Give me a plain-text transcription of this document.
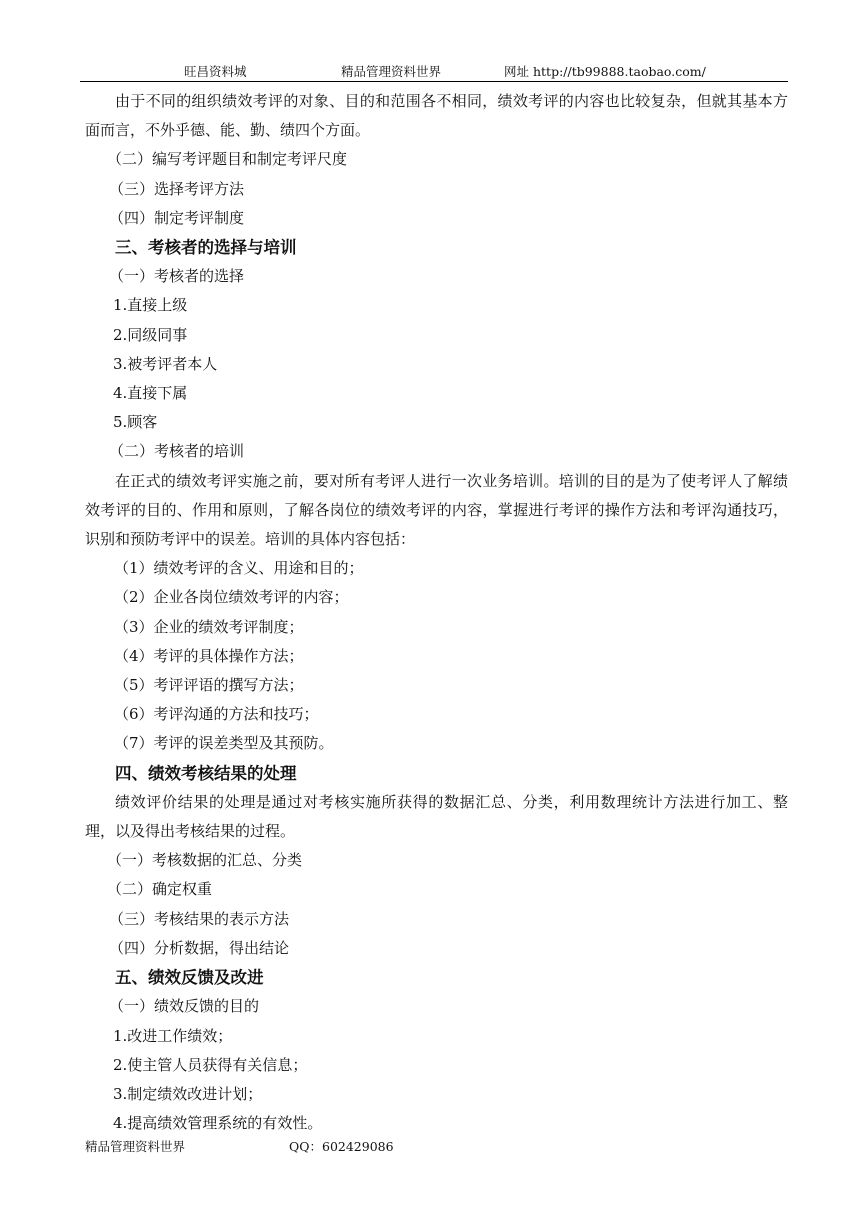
旺昌资料城	精品管理资料世界	网址 http://tb99888.taobao.com/

由于不同的组织绩效考评的对象、目的和范围各不相同，绩效考评的内容也比较复杂，但就其基本方面而言，不外乎德、能、勤、绩四个方面。

（二）编写考评题目和制定考评尺度

（三）选择考评方法

（四）制定考评制度

三、考核者的选择与培训

（一）考核者的选择

1.直接上级

2.同级同事

3.被考评者本人

4.直接下属

5.顾客

（二）考核者的培训

在正式的绩效考评实施之前，要对所有考评人进行一次业务培训。培训的目的是为了使考评人了解绩效考评的目的、作用和原则，了解各岗位的绩效考评的内容，掌握进行考评的操作方法和考评沟通技巧，识别和预防考评中的误差。培训的具体内容包括：

（1）绩效考评的含义、用途和目的；

（2）企业各岗位绩效考评的内容；

（3）企业的绩效考评制度；

（4）考评的具体操作方法；

（5）考评评语的撰写方法；

（6）考评沟通的方法和技巧；

（7）考评的误差类型及其预防。

四、绩效考核结果的处理

绩效评价结果的处理是通过对考核实施所获得的数据汇总、分类，利用数理统计方法进行加工、整理，以及得出考核结果的过程。

（一）考核数据的汇总、分类

（二）确定权重

（三）考核结果的表示方法

（四）分析数据，得出结论

五、绩效反馈及改进

（一）绩效反馈的目的

1.改进工作绩效；

2.使主管人员获得有关信息；

3.制定绩效改进计划；

4.提高绩效管理系统的有效性。

精品管理资料世界	QQ：602429086
